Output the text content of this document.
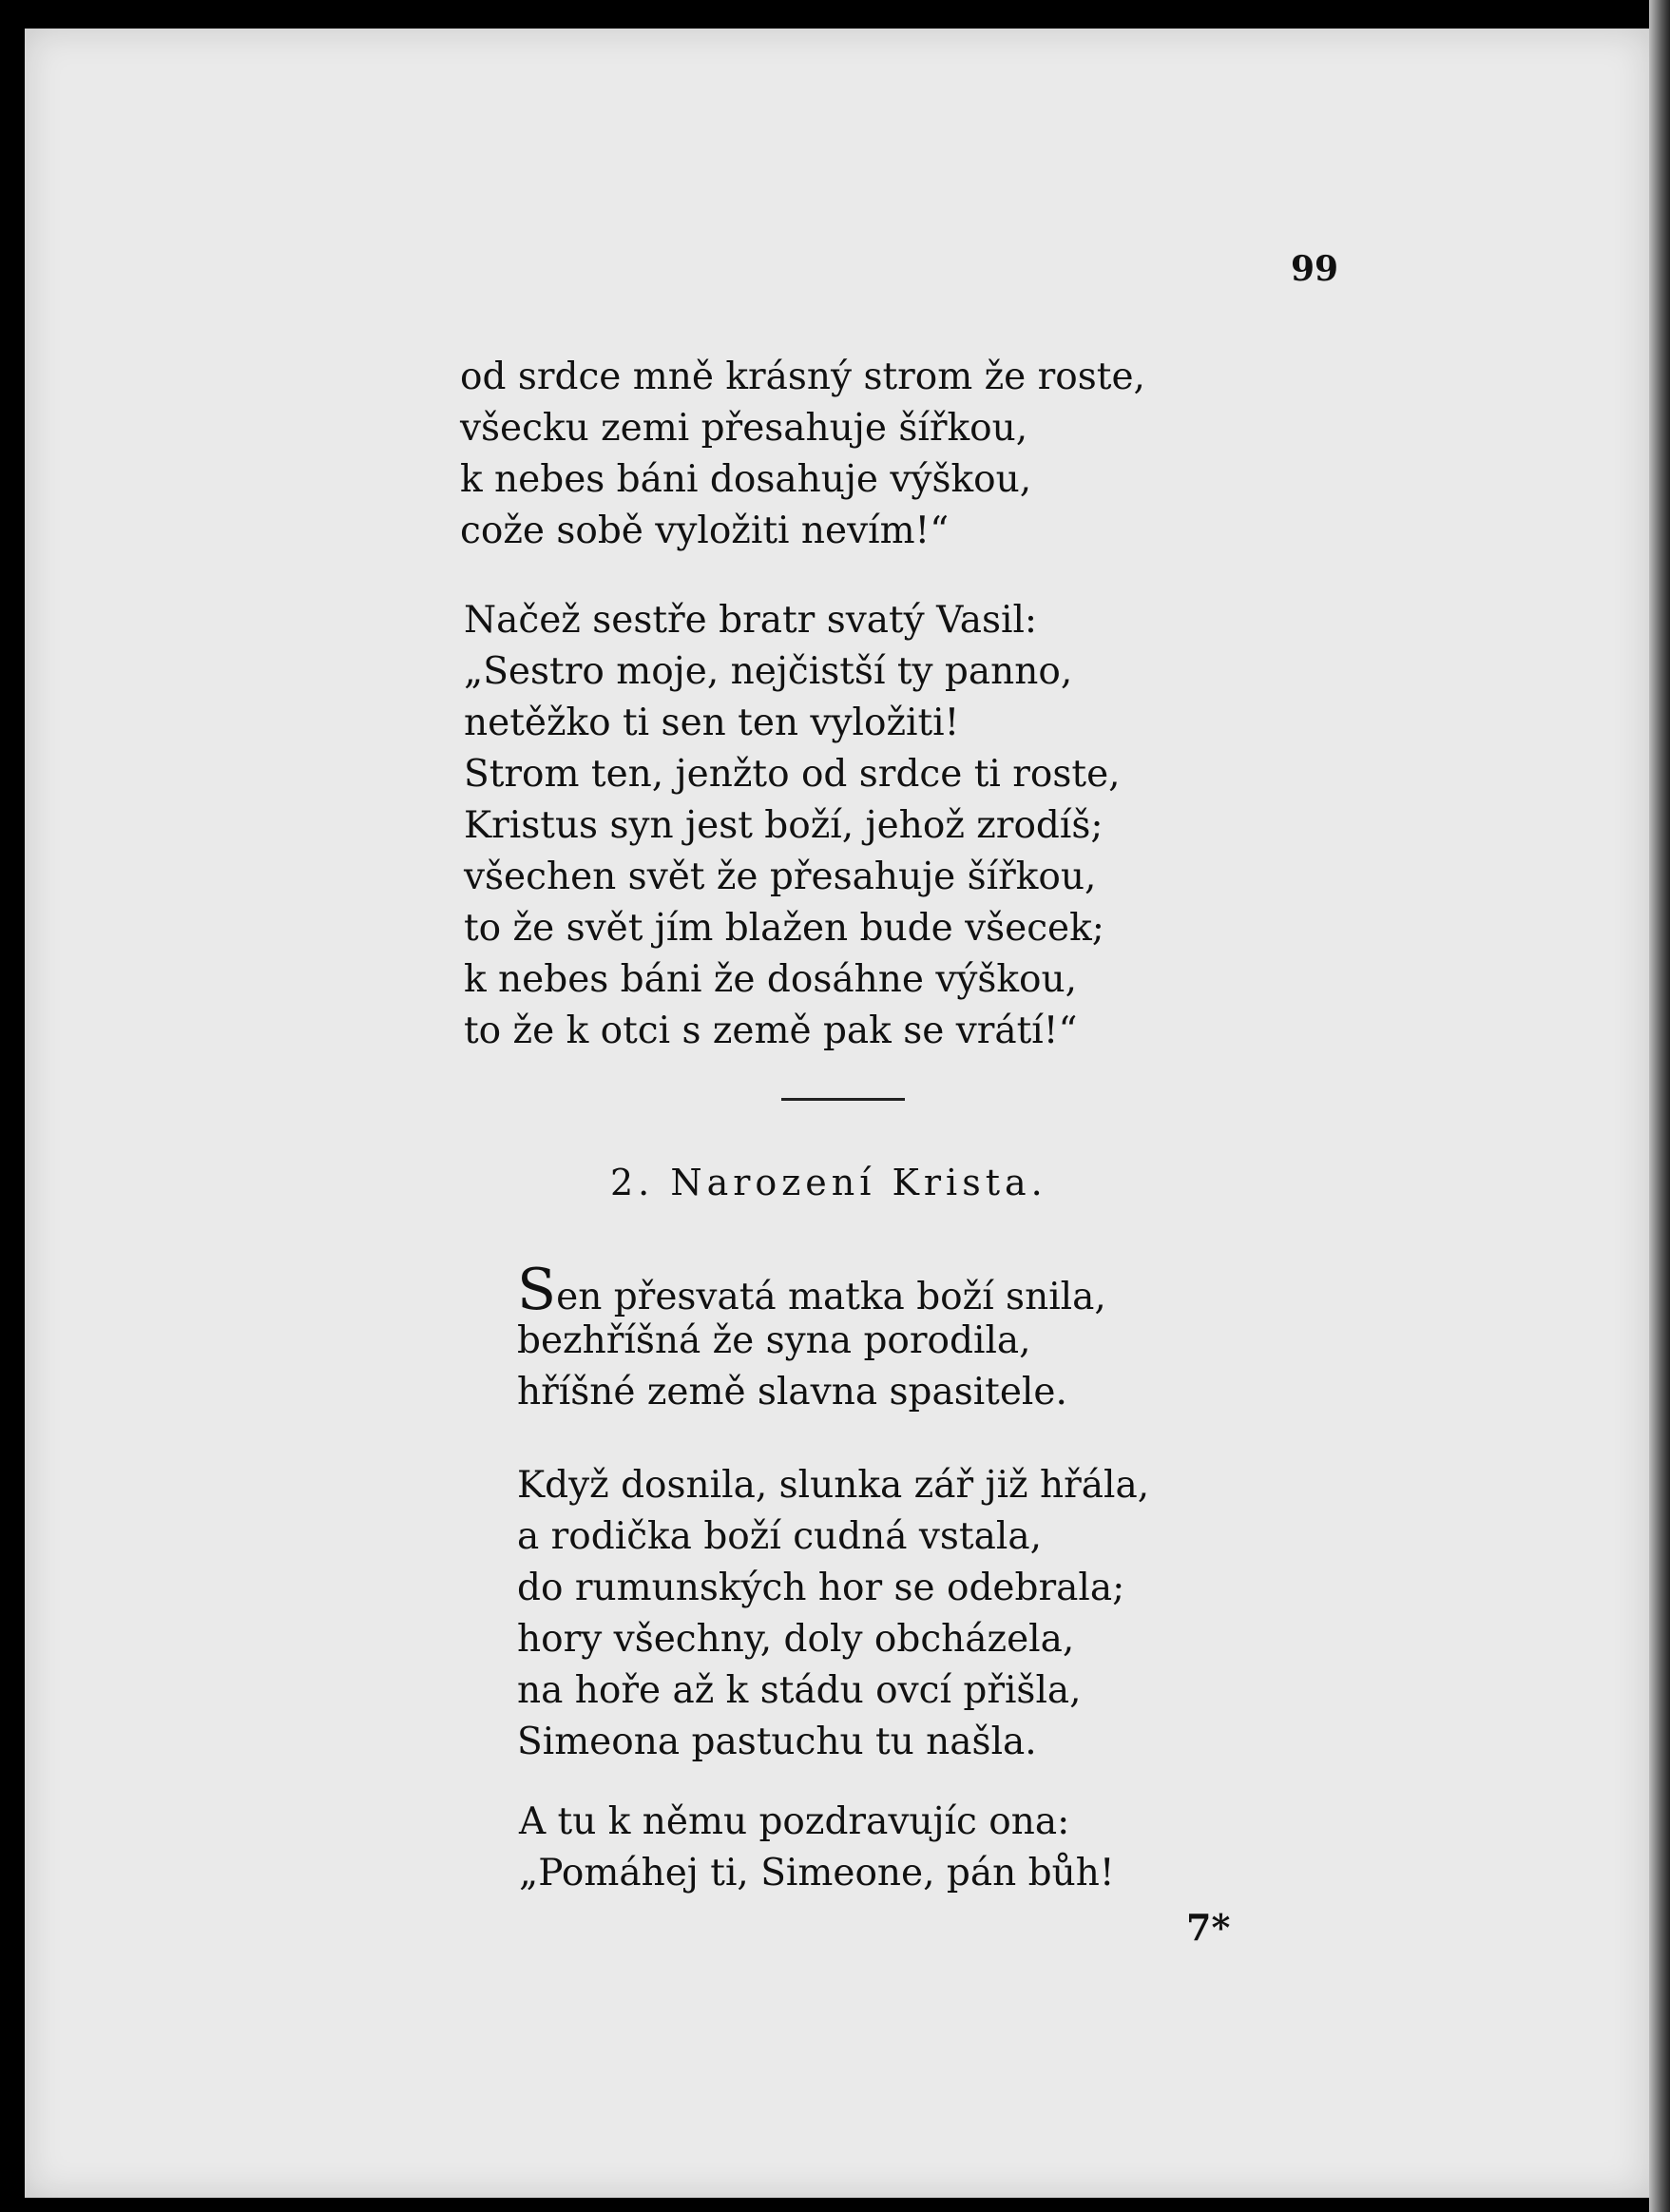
99
od srdce mně krásný strom že roste,
všecku zemi přesahuje šířkou,
k nebes báni dosahuje výškou,
cože sobě vyložiti nevím!“
Načež sestře bratr svatý Vasil:
„Sestro moje, nejčistší ty panno,
netěžko ti sen ten vyložiti!
Strom ten, jenžto od srdce ti roste,
Kristus syn jest boží, jehož zrodíš;
všechen svět že přesahuje šířkou,
to že svět jím blažen bude všecek;
k nebes báni že dosáhne výškou,
to že k otci s země pak se vrátí!“
2. Narození Krista.
Sen přesvatá matka boží snila,
bezhříšná že syna porodila,
hříšné země slavna spasitele.
Když dosnila, slunka zář již hřála,
a rodička boží cudná vstala,
do rumunských hor se odebrala;
hory všechny, doly obcházela,
na hoře až k stádu ovcí přišla,
Simeona pastuchu tu našla.
A tu k němu pozdravujíc ona:
„Pomáhej ti, Simeone, pán bůh!
7*
